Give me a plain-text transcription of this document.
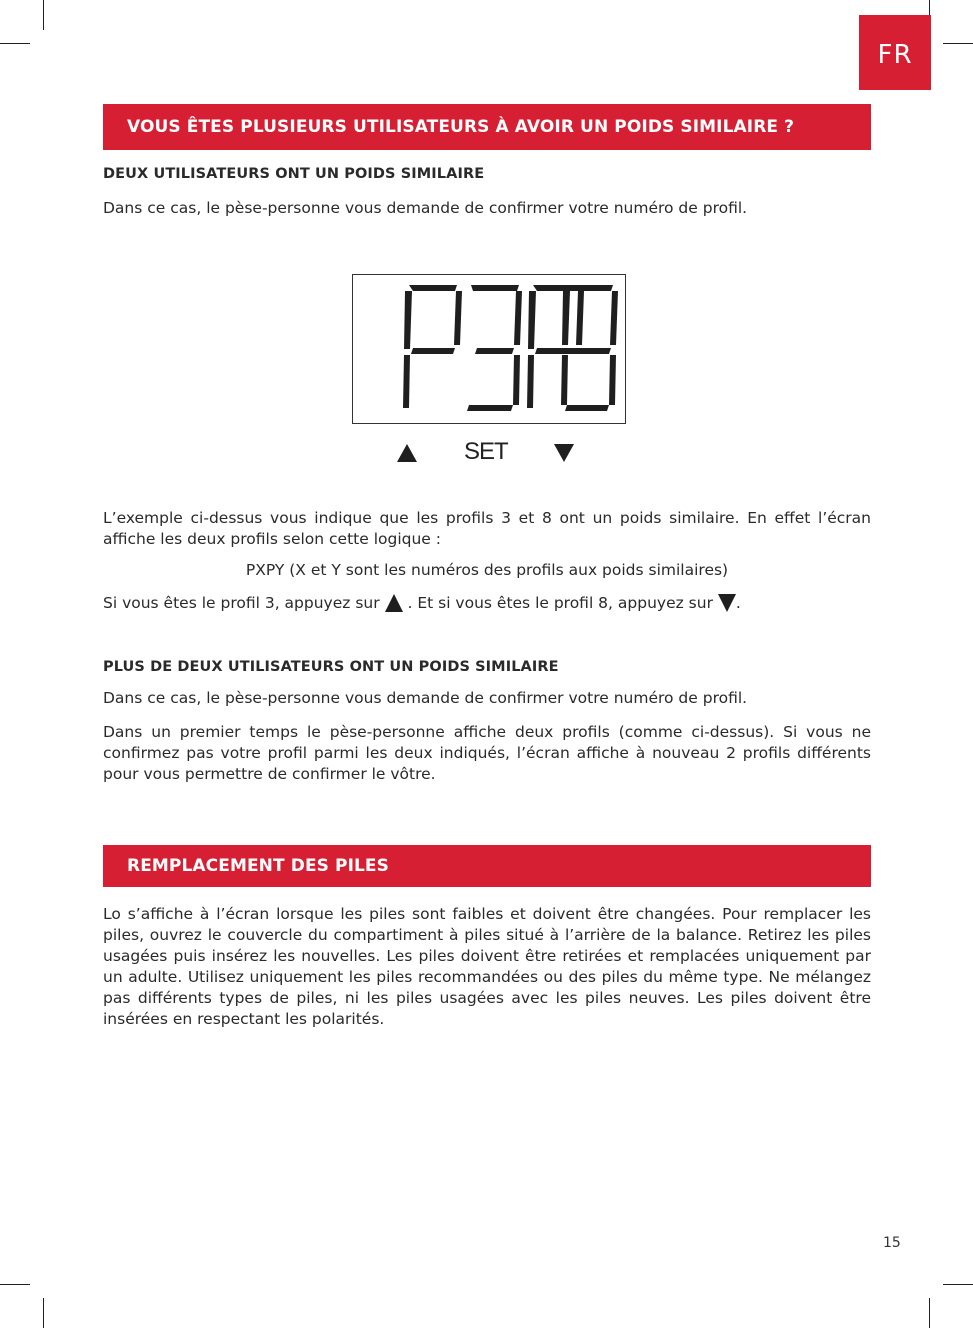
FR
VOUS ÊTES PLUSIEURS UTILISATEURS À AVOIR UN POIDS SIMILAIRE ?
DEUX UTILISATEURS ONT UN POIDS SIMILAIRE
Dans ce cas, le pèse-personne vous demande de confirmer votre numéro de profil.
SET
L’exemple ci-dessus vous indique que les profils 3 et 8 ont un poids similaire. En effet l’écran affiche les deux profils selon cette logique :
PXPY (X et Y sont les numéros des profils aux poids similaires)
Si vous êtes le profil 3, appuyez sur . Et si vous êtes le profil 8, appuyez sur .
PLUS DE DEUX UTILISATEURS ONT UN POIDS SIMILAIRE
Dans ce cas, le pèse-personne vous demande de confirmer votre numéro de profil.
Dans un premier temps le pèse-personne affiche deux profils (comme ci-dessus). Si vous ne confirmez pas votre profil parmi les deux indiqués, l’écran affiche à nouveau 2 profils différents pour vous permettre de confirmer le vôtre.
REMPLACEMENT DES PILES
Lo s’affiche à l’écran lorsque les piles sont faibles et doivent être changées. Pour remplacer les piles, ouvrez le couvercle du compartiment à piles situé à l’arrière de la balance. Retirez les piles usagées puis insérez les nouvelles. Les piles doivent être retirées et remplacées uniquement par un adulte. Utilisez uniquement les piles recommandées ou des piles du même type. Ne mélangez pas différents types de piles, ni les piles usagées avec les piles neuves. Les piles doivent être insérées en respectant les polarités.
15
